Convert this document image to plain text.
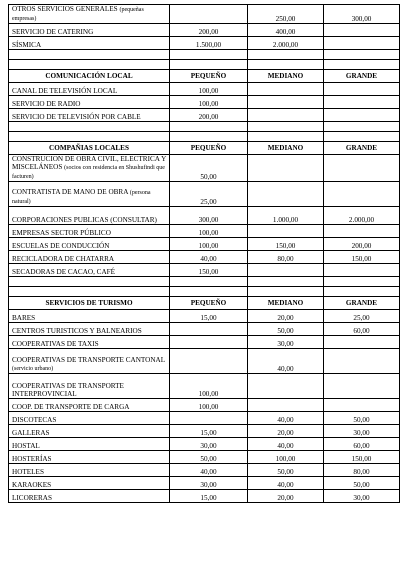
OTROS SERVICIOS GENERALES (pequeñas empresas)		250,00	300,00
SERVICIO DE CATERING	200,00	400,00	
SÍSMICA	1.500,00	2.000,00	

COMUNICACIÓN LOCAL	PEQUEÑO	MEDIANO	GRANDE
CANAL DE TELEVISIÓN LOCAL	100,00		
SERVICIO DE RADIO	100,00		
SERVICIO DE TELEVISIÓN POR CABLE	200,00		

COMPAÑIAS LOCALES	PEQUEÑO	MEDIANO	GRANDE
CONSTRUCION DE OBRA CIVIL, ELECTRICA Y MISCELÁNEOS (socios con residencia en Shushufindi que facturen)	50,00		
CONTRATISTA DE MANO DE OBRA (persona natural)	25,00		
CORPORACIONES PUBLICAS (CONSULTAR)	300,00	1.000,00	2.000,00
EMPRESAS SECTOR PÚBLICO	100,00		
ESCUELAS DE CONDUCCIÓN	100,00	150,00	200,00
RECICLADORA DE CHATARRA	40,00	80,00	150,00
SECADORAS DE CACAO, CAFÉ	150,00		

SERVICIOS DE TURISMO	PEQUEÑO	MEDIANO	GRANDE
BARES	15,00	20,00	25,00
CENTROS TURISTICOS Y BALNEARIOS		50,00	60,00
COOPERATIVAS DE TAXIS		30,00	
COOPERATIVAS DE TRANSPORTE CANTONAL (servicio urbano)		40,00	
COOPERATIVAS DE TRANSPORTE INTERPROVINCIAL	100,00		
COOP. DE TRANSPORTE DE CARGA	100,00		
DISCOTECAS		40,00	50,00
GALLERAS	15,00	20,00	30,00
HOSTAL	30,00	40,00	60,00
HOSTERÍAS	50,00	100,00	150,00
HOTELES	40,00	50,00	80,00
KARAOKES	30,00	40,00	50,00
LICORERAS	15,00	20,00	30,00
